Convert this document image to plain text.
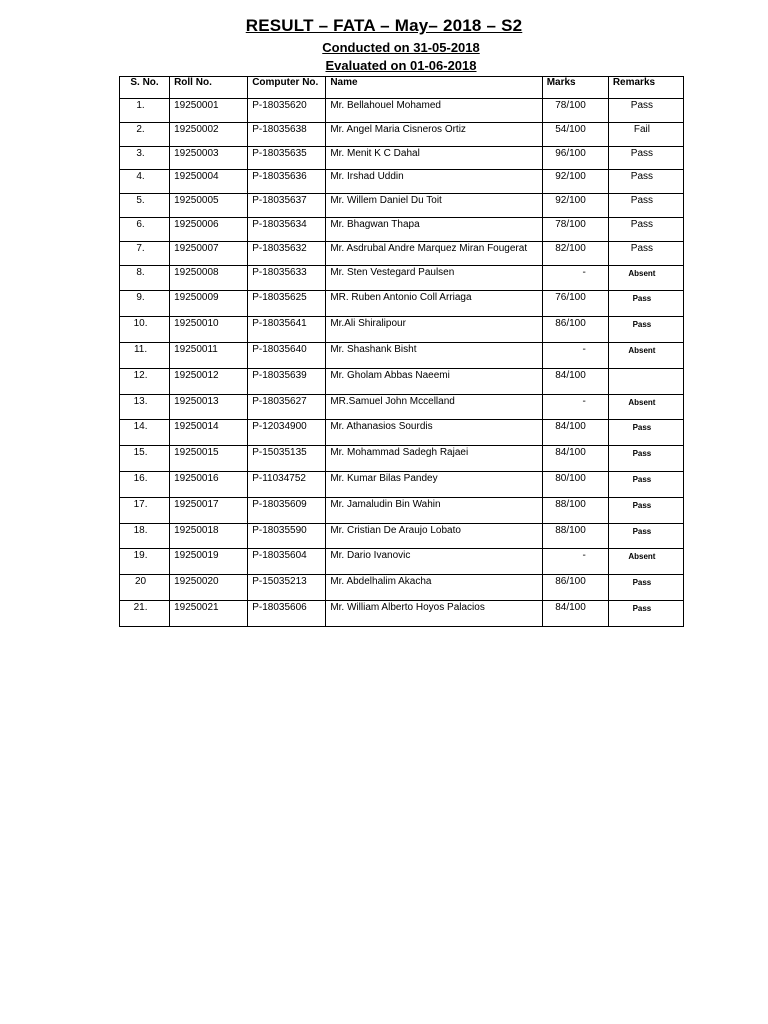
RESULT – FATA – May– 2018 – S2
Conducted on 31-05-2018
Evaluated on 01-06-2018
S. No.	Roll No.	Computer No.	Name	Marks	Remarks
1.	19250001	P-18035620	Mr. Bellahouel Mohamed	78/100	Pass
2.	19250002	P-18035638	Mr. Angel Maria Cisneros Ortiz	54/100	Fail
3.	19250003	P-18035635	Mr. Menit K C Dahal	96/100	Pass
4.	19250004	P-18035636	Mr. Irshad Uddin	92/100	Pass
5.	19250005	P-18035637	Mr. Willem Daniel Du Toit	92/100	Pass
6.	19250006	P-18035634	Mr. Bhagwan Thapa	78/100	Pass
7.	19250007	P-18035632	Mr. Asdrubal Andre Marquez Miran Fougerat	82/100	Pass
8.	19250008	P-18035633	Mr. Sten Vestegard Paulsen	-	Absent
9.	19250009	P-18035625	MR. Ruben Antonio Coll Arriaga	76/100	Pass
10.	19250010	P-18035641	Mr.Ali Shiralipour	86/100	Pass
11.	19250011	P-18035640	Mr. Shashank Bisht	-	Absent
12.	19250012	P-18035639	Mr. Gholam Abbas Naeemi	84/100	
13.	19250013	P-18035627	MR.Samuel John Mccelland	-	Absent
14.	19250014	P-12034900	Mr. Athanasios Sourdis	84/100	Pass
15.	19250015	P-15035135	Mr. Mohammad Sadegh Rajaei	84/100	Pass
16.	19250016	P-11034752	Mr. Kumar Bilas Pandey	80/100	Pass
17.	19250017	P-18035609	Mr. Jamaludin Bin Wahin	88/100	Pass
18.	19250018	P-18035590	Mr. Cristian De Araujo Lobato	88/100	Pass
19.	19250019	P-18035604	Mr. Dario Ivanovic	-	Absent
20	19250020	P-15035213	Mr. Abdelhalim Akacha	86/100	Pass
21.	19250021	P-18035606	Mr. William Alberto Hoyos Palacios	84/100	Pass
